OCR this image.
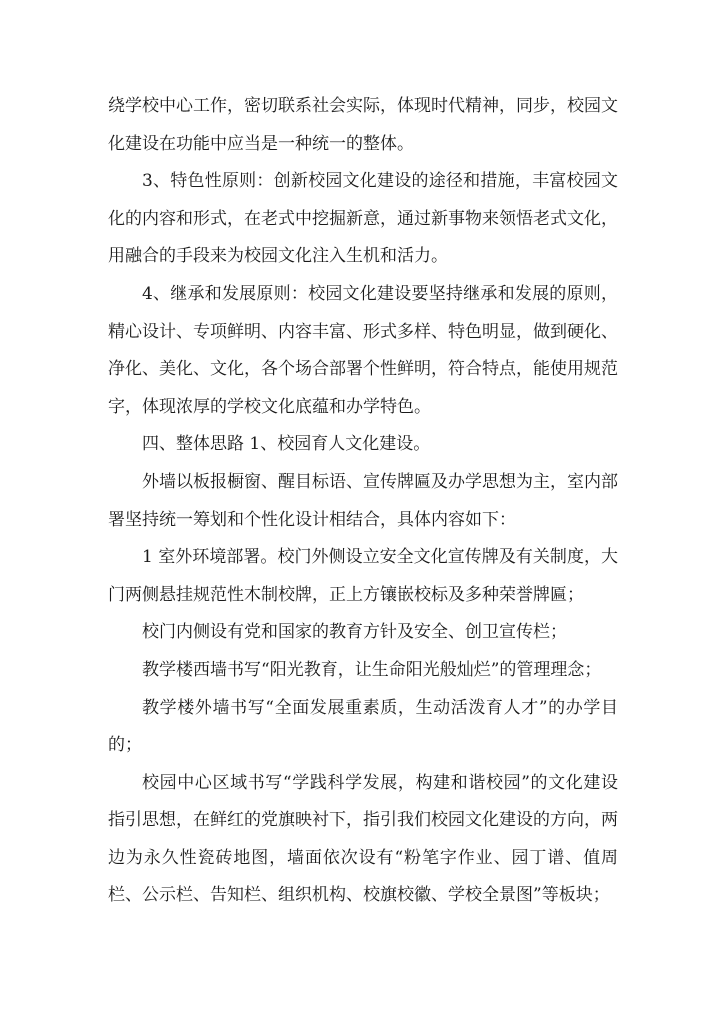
绕学校中心工作，密切联系社会实际，体现时代精神，同步，校园文化建设在功能中应当是一种统一的整体。

3、特色性原则：创新校园文化建设的途径和措施，丰富校园文化的内容和形式，在老式中挖掘新意，通过新事物来领悟老式文化，用融合的手段来为校园文化注入生机和活力。

4、继承和发展原则：校园文化建设要坚持继承和发展的原则，精心设计、专项鲜明、内容丰富、形式多样、特色明显，做到硬化、净化、美化、文化，各个场合部署个性鲜明，符合特点，能使用规范字，体现浓厚的学校文化底蕴和办学特色。

四、整体思路 1、校园育人文化建设。

外墙以板报橱窗、醒目标语、宣传牌匾及办学思想为主，室内部署坚持统一筹划和个性化设计相结合，具体内容如下：

1 室外环境部署。校门外侧设立安全文化宣传牌及有关制度，大门两侧悬挂规范性木制校牌，正上方镶嵌校标及多种荣誉牌匾；

校门内侧设有党和国家的教育方针及安全、创卫宣传栏；

教学楼西墙书写“阳光教育，让生命阳光般灿烂”的管理理念；

教学楼外墙书写“全面发展重素质，生动活泼育人才”的办学目的；

校园中心区域书写“学践科学发展，构建和谐校园”的文化建设指引思想，在鲜红的党旗映衬下，指引我们校园文化建设的方向，两边为永久性瓷砖地图，墙面依次设有“粉笔字作业、园丁谱、值周栏、公示栏、告知栏、组织机构、校旗校徽、学校全景图”等板块；
